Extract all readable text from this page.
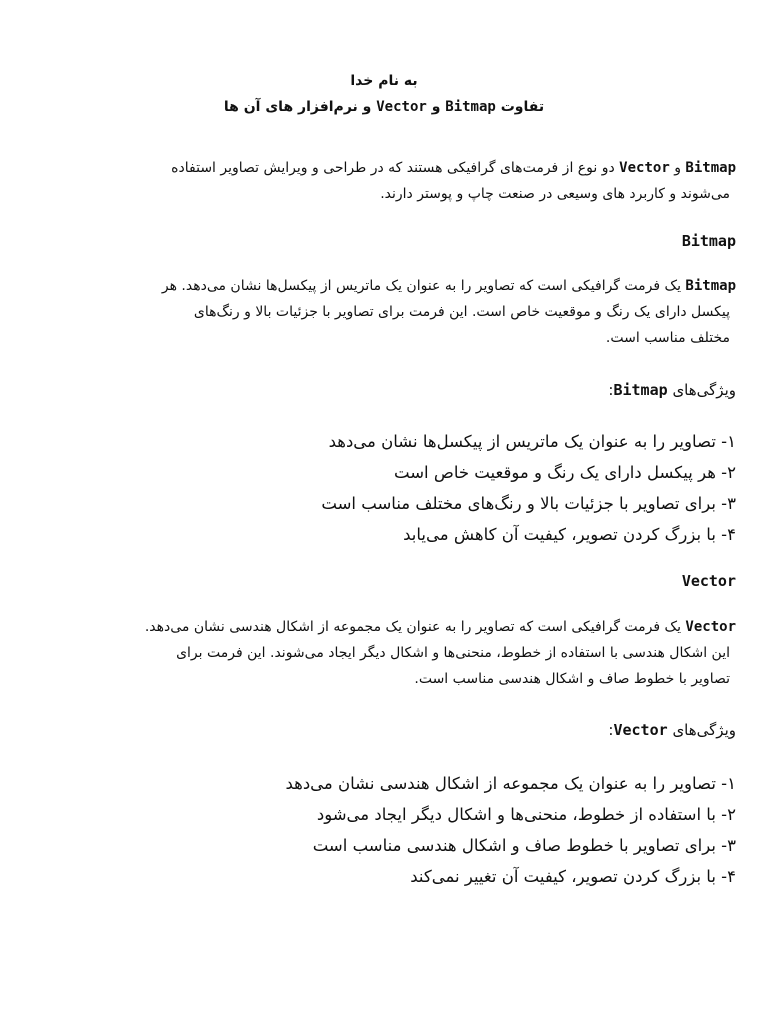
به نام خدا
تفاوت Bitmap و Vector و نرم‌افزار های آن ها
Bitmap و Vector دو نوع از فرمت‌های گرافیکی هستند که در طراحی و ویرایش تصاویر استفاده
می‌شوند و کاربرد های وسیعی در صنعت چاپ و پوستر دارند.
Bitmap
Bitmap یک فرمت گرافیکی است که تصاویر را به عنوان یک ماتریس از پیکسل‌ها نشان می‌دهد. هر
پیکسل دارای یک رنگ و موقعیت خاص است. این فرمت برای تصاویر با جزئیات بالا و رنگ‌های
مختلف مناسب است.
ویژگی‌های Bitmap:
۱- تصاویر را به عنوان یک ماتریس از پیکسل‌ها نشان می‌دهد
۲- هر پیکسل دارای یک رنگ و موقعیت خاص است
۳- برای تصاویر با جزئیات بالا و رنگ‌های مختلف مناسب است
۴- با بزرگ کردن تصویر، کیفیت آن کاهش می‌یابد
Vector
Vector یک فرمت گرافیکی است که تصاویر را به عنوان یک مجموعه از اشکال هندسی نشان می‌دهد.
این اشکال هندسی با استفاده از خطوط، منحنی‌ها و اشکال دیگر ایجاد می‌شوند. این فرمت برای
تصاویر با خطوط صاف و اشکال هندسی مناسب است.
ویژگی‌های Vector:
۱- تصاویر را به عنوان یک مجموعه از اشکال هندسی نشان می‌دهد
۲- با استفاده از خطوط، منحنی‌ها و اشکال دیگر ایجاد می‌شود
۳- برای تصاویر با خطوط صاف و اشکال هندسی مناسب است
۴- با بزرگ کردن تصویر، کیفیت آن تغییر نمی‌کند
